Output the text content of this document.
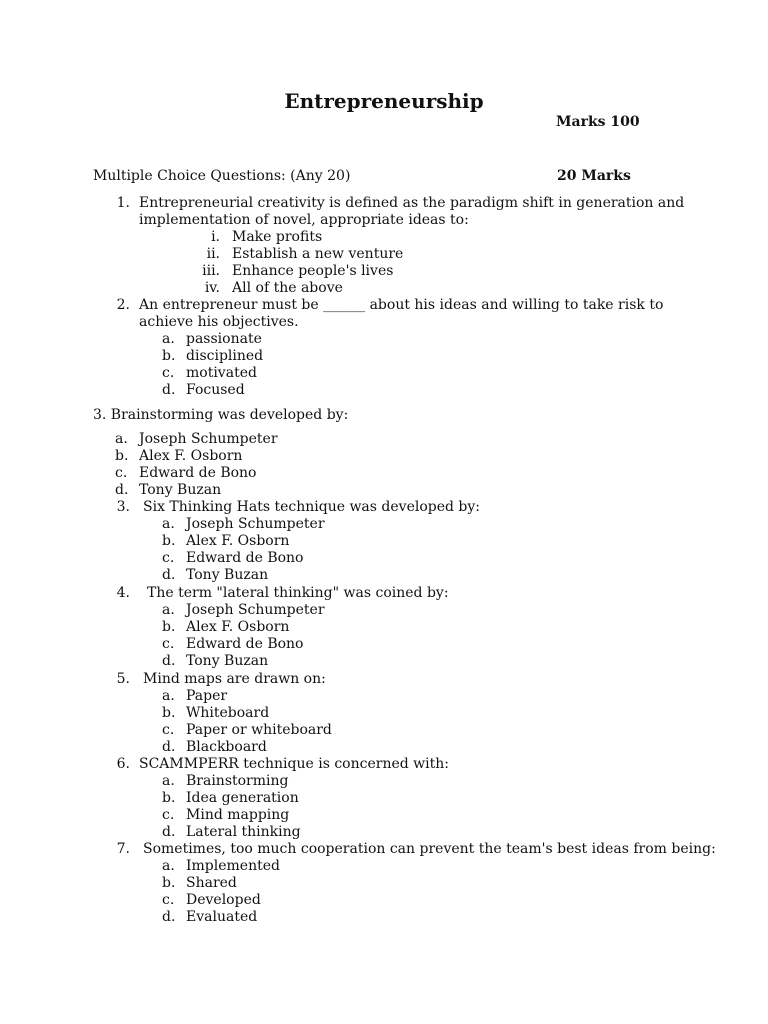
Entrepreneurship
Marks 100
Multiple Choice Questions: (Any 20)	20 Marks
1. Entrepreneurial creativity is defined as the paradigm shift in generation and
implementation of novel, appropriate ideas to:
i. Make profits
ii. Establish a new venture
iii. Enhance people's lives
iv. All of the above
2. An entrepreneur must be ______ about his ideas and willing to take risk to
achieve his objectives.
a. passionate
b. disciplined
c. motivated
d. Focused
3. Brainstorming was developed by:
a. Joseph Schumpeter
b. Alex F. Osborn
c. Edward de Bono
d. Tony Buzan
3. Six Thinking Hats technique was developed by:
a. Joseph Schumpeter
b. Alex F. Osborn
c. Edward de Bono
d. Tony Buzan
4. The term "lateral thinking" was coined by:
a. Joseph Schumpeter
b. Alex F. Osborn
c. Edward de Bono
d. Tony Buzan
5. Mind maps are drawn on:
a. Paper
b. Whiteboard
c. Paper or whiteboard
d. Blackboard
6. SCAMMPERR technique is concerned with:
a. Brainstorming
b. Idea generation
c. Mind mapping
d. Lateral thinking
7. Sometimes, too much cooperation can prevent the team's best ideas from being:
a. Implemented
b. Shared
c. Developed
d. Evaluated
